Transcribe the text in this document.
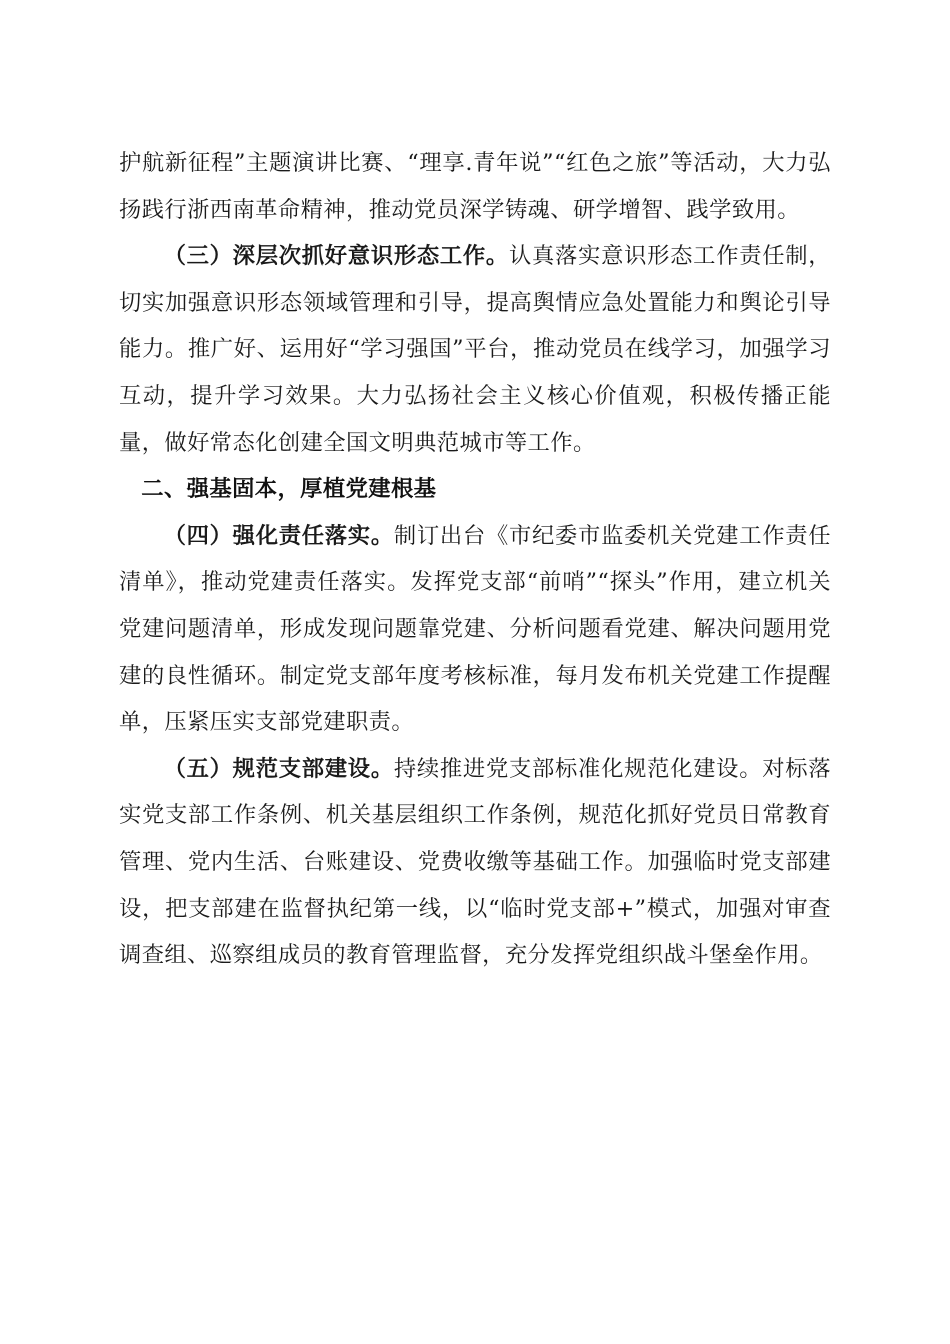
护航新征程”主题演讲比赛、“理享.青年说”“红色之旅”等活动，大力弘扬践行浙西南革命精神，推动党员深学铸魂、研学增智、践学致用。

（三）深层次抓好意识形态工作。认真落实意识形态工作责任制，切实加强意识形态领域管理和引导，提高舆情应急处置能力和舆论引导能力。推广好、运用好“学习强国”平台，推动党员在线学习，加强学习互动，提升学习效果。大力弘扬社会主义核心价值观，积极传播正能量，做好常态化创建全国文明典范城市等工作。

二、强基固本，厚植党建根基

（四）强化责任落实。制订出台《市纪委市监委机关党建工作责任清单》，推动党建责任落实。发挥党支部“前哨”“探头”作用，建立机关党建问题清单，形成发现问题靠党建、分析问题看党建、解决问题用党建的良性循环。制定党支部年度考核标准，每月发布机关党建工作提醒单，压紧压实支部党建职责。

（五）规范支部建设。持续推进党支部标准化规范化建设。对标落实党支部工作条例、机关基层组织工作条例，规范化抓好党员日常教育管理、党内生活、台账建设、党费收缴等基础工作。加强临时党支部建设，把支部建在监督执纪第一线，以“临时党支部+”模式，加强对审查调查组、巡察组成员的教育管理监督，充分发挥党组织战斗堡垒作用。
